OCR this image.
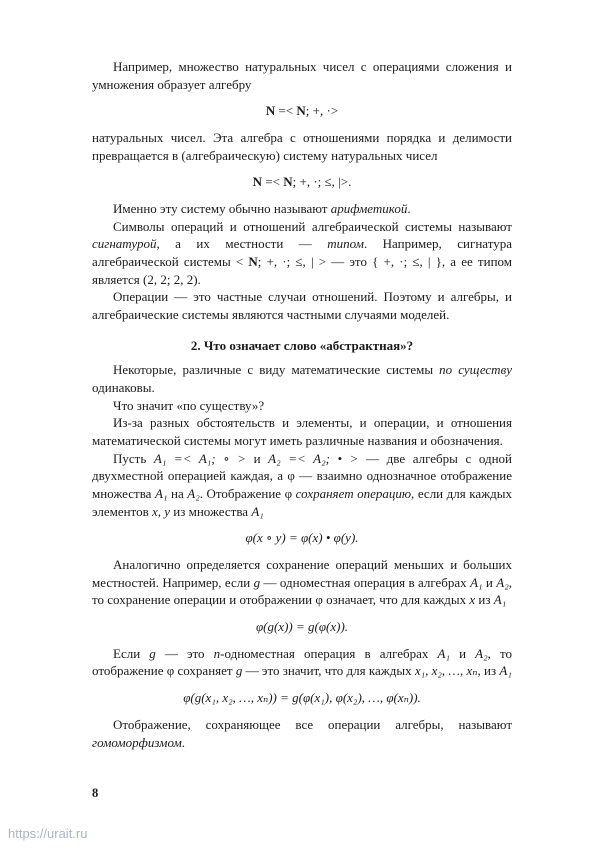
Например, множество натуральных чисел с операциями сложения и умножения образует алгебру

N =< N; +, ·>

натуральных чисел. Эта алгебра с отношениями порядка и делимости превращается в (алгебраическую) систему натуральных чисел

N =< N; +, ·; ≤, |>.

Именно эту систему обычно называют арифметикой.

Символы операций и отношений алгебраической системы называют сигнатурой, а их местности — типом. Например, сигнатура алгебраической системы < N; +, ·; ≤, | > — это { +, ·; ≤, | }, а ее типом является (2, 2; 2, 2).

Операции — это частные случаи отношений. Поэтому и алгебры, и алгебраические системы являются частными случаями моделей.

2. Что означает слово «абстрактная»?

Некоторые, различные с виду математические системы по существу одинаковы.

Что значит «по существу»?

Из-за разных обстоятельств и элементы, и операции, и отношения математической системы могут иметь различные названия и обозначения.

Пусть A₁ =< A₁; ∘ > и A₂ =< A₂; • > — две алгебры с одной двухместной операцией каждая, а φ — взаимно однозначное отображение множества A₁ на A₂. Отображение φ сохраняет операцию, если для каждых элементов x, y из множества A₁

φ(x ∘ y) = φ(x) • φ(y).

Аналогично определяется сохранение операций меньших и больших местностей. Например, если g — одноместная операция в алгебрах A₁ и A₂, то сохранение операции и отображении φ означает, что для каждых x из A₁

φ(g(x)) = g(φ(x)).

Если g — это n-одноместная операция в алгебрах A₁ и A₂, то отображение φ сохраняет g — это значит, что для каждых x₁, x₂, …, xₙ, из A₁

φ(g(x₁, x₂, …, xₙ)) = g(φ(x₁), φ(x₂), …, φ(xₙ)).

Отображение, сохраняющее все операции алгебры, называют гомоморфизмом.

8
https://urait.ru
